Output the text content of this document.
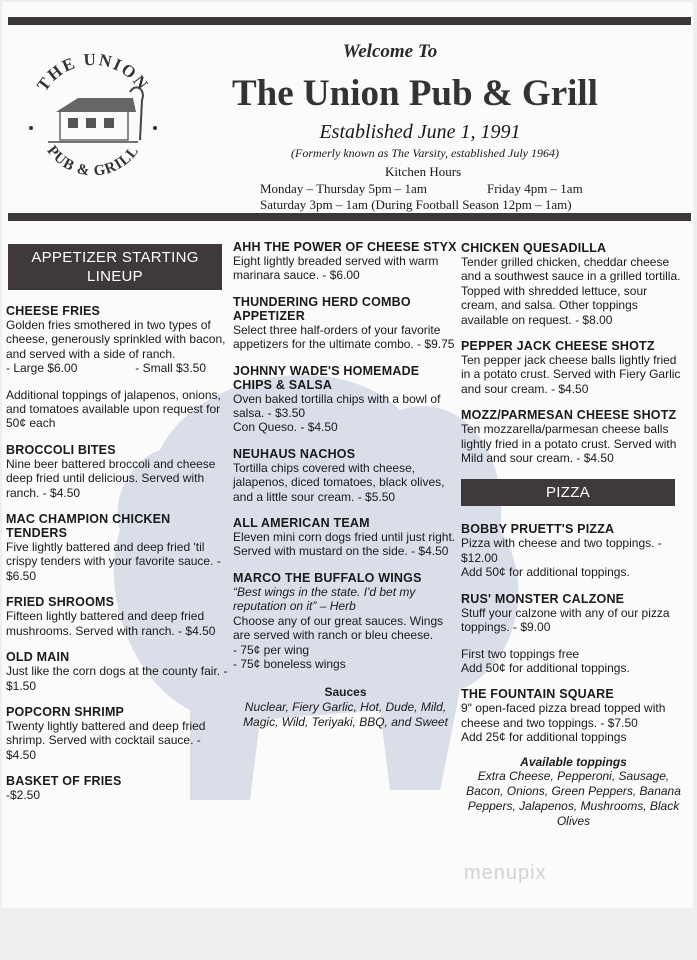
THE UNION
PUB & GRILL
Welcome To
The Union Pub & Grill
Established June 1, 1991
(Formerly known as The Varsity, established July 1964)
Kitchen Hours
Monday – Thursday 5pm – 1am	Friday 4pm – 1am
Saturday 3pm – 1am (During Football Season 12pm – 1am)
APPETIZER STARTING LINEUP
CHEESE FRIES
Golden fries smothered in two types of cheese, generously sprinkled with bacon, and served with a side of ranch.
- Large $6.00	- Small $3.50
Additional toppings of jalapenos, onions, and tomatoes available upon request for 50¢ each
BROCCOLI BITES
Nine beer battered broccoli and cheese deep fried until delicious. Served with ranch. - $4.50
MAC CHAMPION CHICKEN TENDERS
Five lightly battered and deep fried 'til crispy tenders with your favorite sauce. - $6.50
FRIED SHROOMS
Fifteen lightly battered and deep fried mushrooms. Served with ranch. - $4.50
OLD MAIN
Just like the corn dogs at the county fair. - $1.50
POPCORN SHRIMP
Twenty lightly battered and deep fried shrimp. Served with cocktail sauce. - $4.50
BASKET OF FRIES
-$2.50
AHH THE POWER OF CHEESE STYX
Eight lightly breaded served with warm marinara sauce. - $6.00
THUNDERING HERD COMBO APPETIZER
Select three half-orders of your favorite appetizers for the ultimate combo. - $9.75
JOHNNY WADE'S HOMEMADE CHIPS & SALSA
Oven baked tortilla chips with a bowl of salsa. - $3.50
Con Queso. - $4.50
NEUHAUS NACHOS
Tortilla chips covered with cheese, jalapenos, diced tomatoes, black olives, and a little sour cream. - $5.50
ALL AMERICAN TEAM
Eleven mini corn dogs fried until just right. Served with mustard on the side. - $4.50
MARCO THE BUFFALO WINGS
“Best wings in the state. I'd bet my reputation on it” – Herb
Choose any of our great sauces. Wings are served with ranch or bleu cheese.
- 75¢ per wing
- 75¢ boneless wings
Sauces
Nuclear, Fiery Garlic, Hot, Dude, Mild, Magic, Wild, Teriyaki, BBQ, and Sweet
CHICKEN QUESADILLA
Tender grilled chicken, cheddar cheese and a southwest sauce in a grilled tortilla. Topped with shredded lettuce, sour cream, and salsa. Other toppings available on request. - $8.00
PEPPER JACK CHEESE SHOTZ
Ten pepper jack cheese balls lightly fried in a potato crust. Served with Fiery Garlic and sour cream. - $4.50
MOZZ/PARMESAN CHEESE SHOTZ
Ten mozzarella/parmesan cheese balls lightly fried in a potato crust. Served with Mild and sour cream. - $4.50
PIZZA
BOBBY PRUETT'S PIZZA
Pizza with cheese and two toppings. - $12.00
Add 50¢ for additional toppings.
RUS' MONSTER CALZONE
Stuff your calzone with any of our pizza toppings. - $9.00
First two toppings free
Add 50¢ for additional toppings.
THE FOUNTAIN SQUARE
9" open-faced pizza bread topped with cheese and two toppings. - $7.50
Add 25¢ for additional toppings
Available toppings
Extra Cheese, Pepperoni, Sausage, Bacon, Onions, Green Peppers, Banana Peppers, Jalapenos, Mushrooms, Black Olives
menupix
